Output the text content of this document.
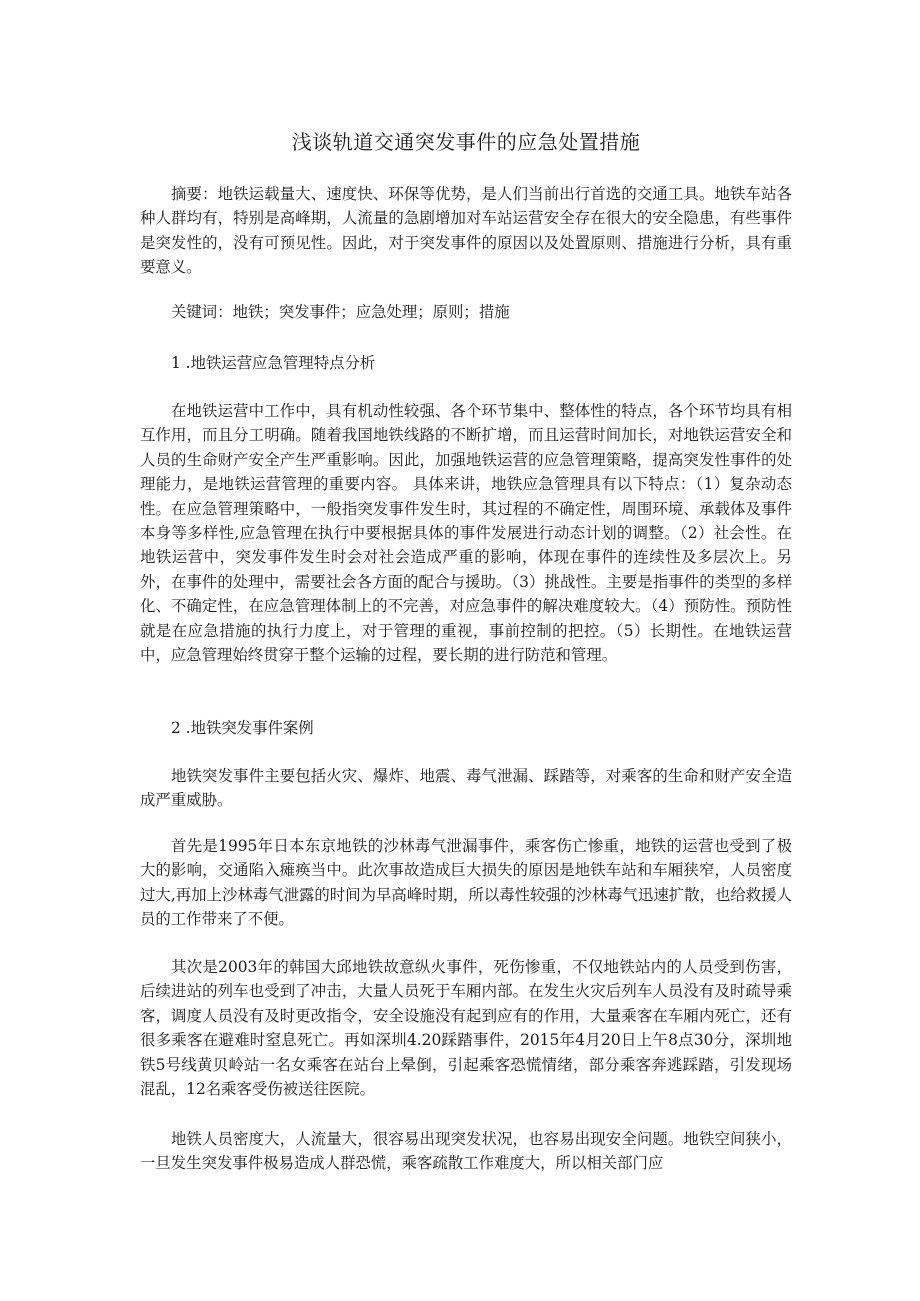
浅谈轨道交通突发事件的应急处置措施

摘要：地铁运载量大、速度快、环保等优势，是人们当前出行首选的交通工具。地铁车站各种人群均有，特别是高峰期，人流量的急剧增加对车站运营安全存在很大的安全隐患，有些事件是突发性的，没有可预见性。因此，对于突发事件的原因以及处置原则、措施进行分析，具有重要意义。

关键词：地铁；突发事件；应急处理；原则；措施

1 .地铁运营应急管理特点分析

在地铁运营中工作中，具有机动性较强、各个环节集中、整体性的特点，各个环节均具有相互作用，而且分工明确。随着我国地铁线路的不断扩增，而且运营时间加长，对地铁运营安全和人员的生命财产安全产生严重影响。因此，加强地铁运营的应急管理策略，提高突发性事件的处理能力，是地铁运营管理的重要内容。 具体来讲，地铁应急管理具有以下特点：（1）复杂动态性。在应急管理策略中，一般指突发事件发生时，其过程的不确定性，周围环境、承载体及事件本身等多样性,应急管理在执行中要根据具体的事件发展进行动态计划的调整。（2）社会性。在地铁运营中，突发事件发生时会对社会造成严重的影响，体现在事件的连续性及多层次上。另外，在事件的处理中，需要社会各方面的配合与援助。（3）挑战性。主要是指事件的类型的多样化、不确定性，在应急管理体制上的不完善，对应急事件的解决难度较大。（4）预防性。预防性就是在应急措施的执行力度上，对于管理的重视，事前控制的把控。（5）长期性。在地铁运营中，应急管理始终贯穿于整个运输的过程，要长期的进行防范和管理。

2 .地铁突发事件案例

地铁突发事件主要包括火灾、爆炸、地震、毒气泄漏、踩踏等，对乘客的生命和财产安全造成严重威胁。

首先是1995年日本东京地铁的沙林毒气泄漏事件，乘客伤亡惨重，地铁的运营也受到了极大的影响，交通陷入瘫痪当中。此次事故造成巨大损失的原因是地铁车站和车厢狭窄，人员密度过大,再加上沙林毒气泄露的时间为早高峰时期，所以毒性较强的沙林毒气迅速扩散，也给救援人员的工作带来了不便。

其次是2003年的韩国大邱地铁故意纵火事件，死伤惨重，不仅地铁站内的人员受到伤害，后续进站的列车也受到了冲击，大量人员死于车厢内部。在发生火灾后列车人员没有及时疏导乘客，调度人员没有及时更改指令，安全设施没有起到应有的作用，大量乘客在车厢内死亡，还有很多乘客在避难时窒息死亡。再如深圳4.20踩踏事件，2015年4月20日上午8点30分，深圳地铁5号线黄贝岭站一名女乘客在站台上晕倒，引起乘客恐慌情绪，部分乘客奔逃踩踏，引发现场混乱，12名乘客受伤被送往医院。

地铁人员密度大，人流量大，很容易出现突发状况，也容易出现安全问题。地铁空间狭小，一旦发生突发事件极易造成人群恐慌，乘客疏散工作难度大，所以相关部门应
